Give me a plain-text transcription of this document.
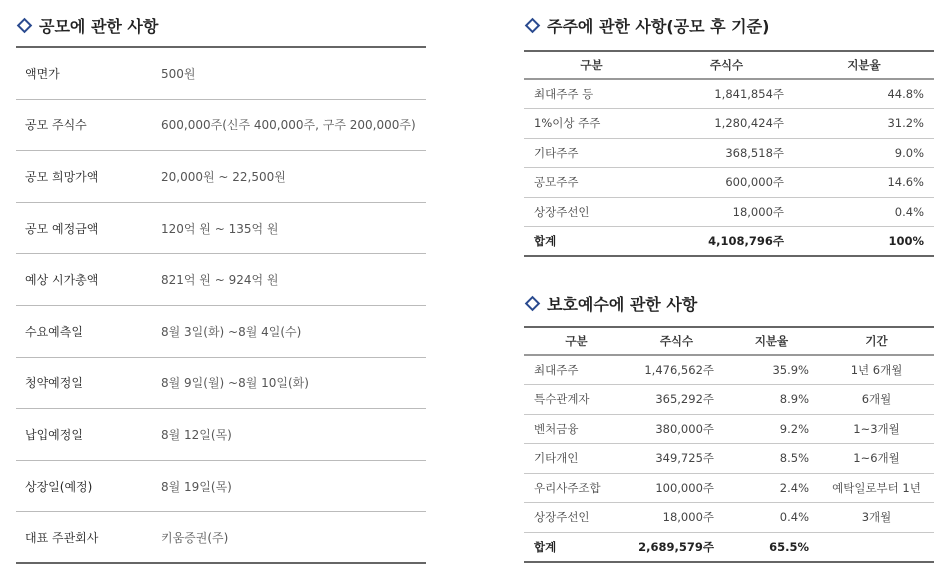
공모에 관한 사항
액면가	500원
공모 주식수	600,000주(신주 400,000주, 구주 200,000주)
공모 희망가액	20,000원 ~ 22,500원
공모 예정금액	120억 원 ~ 135억 원
예상 시가총액	821억 원 ~ 924억 원
수요예측일	8월 3일(화) ~8월 4일(수)
청약예정일	8월 9일(월) ~8월 10일(화)
납입예정일	8월 12일(목)
상장일(예정)	8월 19일(목)
대표 주관회사	키움증권(주)
주주에 관한 사항(공모 후 기준)
구분	주식수	지분율
최대주주 등	1,841,854주	44.8%
1%이상 주주	1,280,424주	31.2%
기타주주	368,518주	9.0%
공모주주	600,000주	14.6%
상장주선인	18,000주	0.4%
합계	4,108,796주	100%
보호예수에 관한 사항
구분	주식수	지분율	기간
최대주주	1,476,562주	35.9%	1년 6개월
특수관계자	365,292주	8.9%	6개월
벤처금융	380,000주	9.2%	1~3개월
기타개인	349,725주	8.5%	1~6개월
우리사주조합	100,000주	2.4%	예탁일로부터 1년
상장주선인	18,000주	0.4%	3개월
합계	2,689,579주	65.5%	
